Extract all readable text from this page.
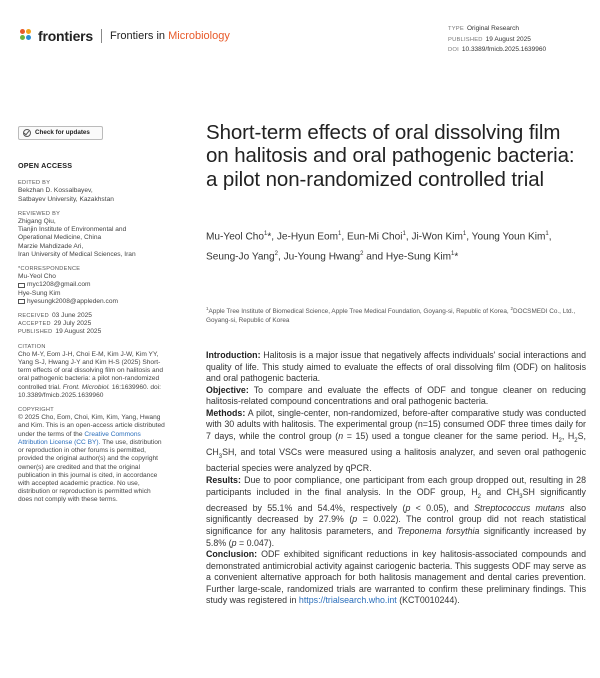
frontiers Frontiers in Microbiology
TYPE Original Research
PUBLISHED 19 August 2025
DOI 10.3389/fmicb.2025.1639960
Check for updates
OPEN ACCESS
EDITED BY
Bekzhan D. Kossalbayev,
Satbayev University, Kazakhstan
REVIEWED BY
Zhigang Qiu,
Tianjin Institute of Environmental and
Operational Medicine, China
Marzie Mahdizade Ari,
Iran University of Medical Sciences, Iran
*CORRESPONDENCE
Mu-Yeol Cho
myc1208@gmail.com
Hye-Sung Kim
hyesungk2008@appleden.com
RECEIVED 03 June 2025
ACCEPTED 29 July 2025
PUBLISHED 19 August 2025
CITATION
Cho M-Y, Eom J-H, Choi E-M, Kim J-W, Kim YY, Yang S-J, Hwang J-Y and Kim H-S (2025) Short-term effects of oral dissolving film on halitosis and oral pathogenic bacteria: a pilot non-randomized controlled trial. Front. Microbiol. 16:1639960. doi: 10.3389/fmicb.2025.1639960
COPYRIGHT
© 2025 Cho, Eom, Choi, Kim, Kim, Yang, Hwang and Kim. This is an open-access article distributed under the terms of the Creative Commons Attribution License (CC BY). The use, distribution or reproduction in other forums is permitted, provided the original author(s) and the copyright owner(s) are credited and that the original publication in this journal is cited, in accordance with accepted academic practice. No use, distribution or reproduction is permitted which does not comply with these terms.
Short-term effects of oral dissolving film on halitosis and oral pathogenic bacteria: a pilot non-randomized controlled trial
Mu-Yeol Cho$^1$*, Je-Hyun Eom$^1$, Eun-Mi Choi$^1$, Ji-Won Kim$^1$, Young Youn Kim$^1$, Seung-Jo Yang$^2$, Ju-Young Hwang$^2$ and Hye-Sung Kim$^1$*
$^1$Apple Tree Institute of Biomedical Science, Apple Tree Medical Foundation, Goyang-si, Republic of Korea, $^2$DOCSMEDI Co., Ltd., Goyang-si, Republic of Korea

Introduction: Halitosis is a major issue that negatively affects individuals' social interactions and quality of life. This study aimed to evaluate the effects of oral dissolving film (ODF) on halitosis and oral pathogenic bacteria.

Objective: To compare and evaluate the effects of ODF and tongue cleaner on reducing halitosis-related compound concentrations and oral pathogenic bacteria.

Methods: A pilot, single-center, non-randomized, before-after comparative study was conducted with 30 adults with halitosis. The experimental group (n=15) consumed ODF three times daily for 7 days, while the control group (n = 15) used a tongue cleaner for the same period. $H_2$, $H_2S$, $CH_3SH$, and total VSCs were measured using a halitosis analyzer, and seven oral pathogenic bacterial species were analyzed by qPCR.

Results: Due to poor compliance, one participant from each group dropped out, resulting in 28 participants included in the final analysis. In the ODF group, $H_2$ and $CH_3SH$ significantly decreased by 55.1% and 54.4%, respectively (p < 0.05), and Streptococcus mutans also significantly decreased by 27.9% (p = 0.022). The control group did not reach statistical significance for any halitosis parameters, and Treponema forsythia significantly increased by 5.8% (p = 0.047).

Conclusion: ODF exhibited significant reductions in key halitosis-associated compounds and demonstrated antimicrobial activity against cariogenic bacteria. This suggests ODF may serve as a convenient alternative approach for both halitosis management and dental caries prevention. Further large-scale, randomized trials are warranted to confirm these preliminary findings. This study was registered in https://trialsearch.who.int (KCT0010244).
